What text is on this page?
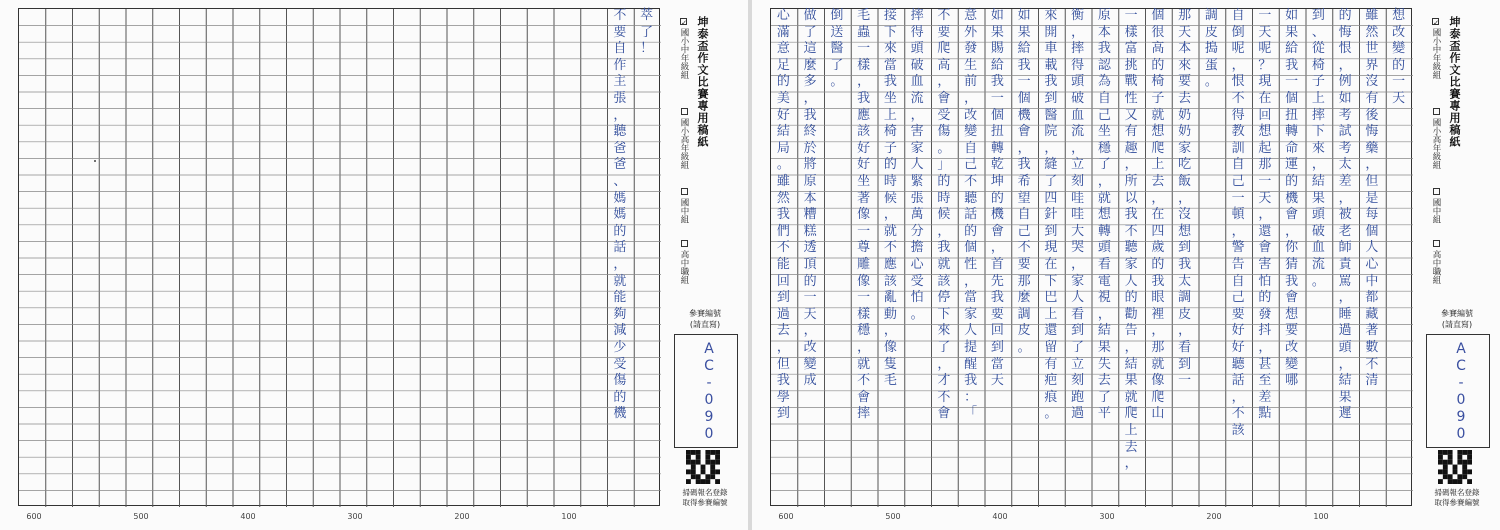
600	500	400	300	200	100
坤泰盃作文比賽專用稿紙
✓國小中年級組
國小高年級組
國中組
高中職組
參賽編號
(請直寫)
AC-090
掃碼報名登錄
取得參賽編號
萃
了
！
不
要
自
作
主
張
，
聽
爸
爸
、
媽
媽
的
話
，
就
能
夠
減
少
受
傷
的
機
600	500	400	300	200	100
坤泰盃作文比賽專用稿紙
✓國小中年級組
國小高年級組
國中組
高中職組
參賽編號
(請直寫)
AC-090
掃碼報名登錄
取得參賽編號
想
改
變
的
一
天
雖
然
世
界
沒
有
後
悔
藥
，
但
是
每
個
人
心
中
都
藏
著
數
不
清
的
悔
恨
，
例
如
考
試
考
太
差
，
被
老
師
責
罵
，
睡
過
頭
，
結
果
遲
到
、
從
椅
子
上
摔
下
來
，
結
果
頭
破
血
流
。
如
果
給
我
一
個
扭
轉
命
運
的
機
會
，
你
猜
我
會
想
要
改
變
哪
一
天
呢
？
現
在
回
想
起
那
一
天
，
還
會
害
怕
的
發
抖
，
甚
至
差
點
自
倒
呢
，
恨
不
得
教
訓
自
己
一
頓
，
警
告
自
己
要
好
好
聽
話
，
不
該
調
皮
搗
蛋
。
那
天
本
來
要
去
奶
奶
家
吃
飯
，
沒
想
到
我
太
調
皮
，
看
到
一
個
很
高
的
椅
子
就
想
爬
上
去
，
在
四
歲
的
我
眼
裡
，
那
就
像
爬
山
一
樣
富
挑
戰
性
又
有
趣
，
所
以
我
不
聽
家
人
的
勸
告
，
結
果
就
爬
上
去
，
原
本
我
認
為
自
己
坐
穩
了
，
就
想
轉
頭
看
電
視
，
結
果
失
去
了
平
衡
，
摔
得
頭
破
血
流
，
立
刻
哇
哇
大
哭
，
家
人
看
到
了
立
刻
跑
過
來
開
車
載
我
到
醫
院
，
縫
了
四
針
到
現
在
下
巴
上
還
留
有
疤
痕
。
如
果
給
我
一
個
機
會
，
我
希
望
自
己
不
要
那
麼
調
皮
。
如
果
賜
給
我
一
個
扭
轉
乾
坤
的
機
會
，
首
先
我
要
回
到
當
天
意
外
發
生
前
，
改
變
自
己
不
聽
話
的
個
性
，
當
家
人
提
醒
我
：
「
不
要
爬
高
，
會
受
傷
。
」
的
時
候
，
我
就
該
停
下
來
了
，
才
不
會
摔
得
頭
破
血
流
，
害
家
人
緊
張
萬
分
擔
心
受
怕
。
接
下
來
當
我
坐
上
椅
子
的
時
候
，
就
不
應
該
亂
動
，
像
隻
毛
毛
蟲
一
樣
，
我
應
該
好
好
坐
著
像
一
尊
雕
像
一
樣
穩
，
就
不
會
摔
倒
送
醫
了
。
做
了
這
麼
多
，
我
終
於
將
原
本
糟
糕
透
頂
的
一
天
，
改
變
成
心
滿
意
足
的
美
好
結
局
。
雖
然
我
們
不
能
回
到
過
去
，
但
我
學
到
